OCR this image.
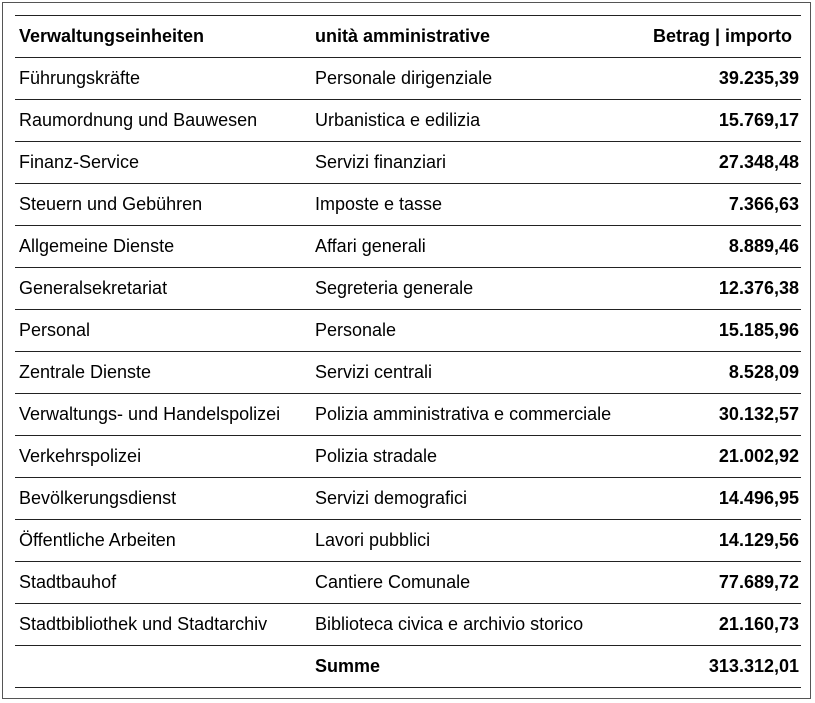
Verwaltungseinheiten	unità amministrative	Betrag | importo
Führungskräfte	Personale dirigenziale	39.235,39
Raumordnung und Bauwesen	Urbanistica e edilizia	15.769,17
Finanz-Service	Servizi finanziari	27.348,48
Steuern und Gebühren	Imposte e tasse	7.366,63
Allgemeine Dienste	Affari generali	8.889,46
Generalsekretariat	Segreteria generale	12.376,38
Personal	Personale	15.185,96
Zentrale Dienste	Servizi centrali	8.528,09
Verwaltungs- und Handelspolizei	Polizia amministrativa e commerciale	30.132,57
Verkehrspolizei	Polizia stradale	21.002,92
Bevölkerungsdienst	Servizi demografici	14.496,95
Öffentliche Arbeiten	Lavori pubblici	14.129,56
Stadtbauhof	Cantiere Comunale	77.689,72
Stadtbibliothek und Stadtarchiv	Biblioteca civica e archivio storico	21.160,73
	Summe	313.312,01
